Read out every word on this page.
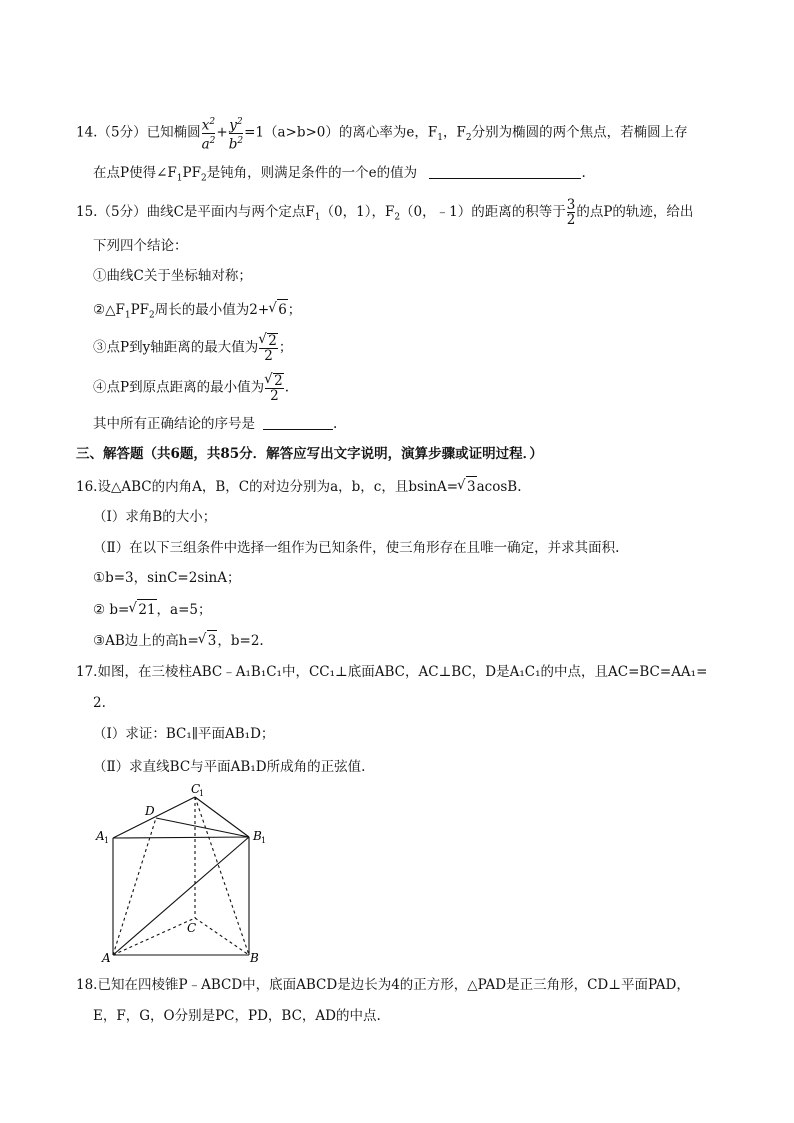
14.（5分）已知椭圆 $\frac{x^2}{a^2} + \frac{y^2}{b^2} =1(a>b>0)$的离心率为e，$F_1$，$F_2$分别为椭圆的两个焦点，若椭圆上存
在点P使得$\angle F_1PF_2$是钝角，则满足条件的一个e的值为	.
15.（5分）曲线C是平面内与两个定点$F_1(0$，1），$F_2(0$，﹣1）的距离的积等于 $\frac{3}{2}$ 的点P的轨迹，给出
下列四个结论：
①曲线C关于坐标轴对称；
$②\triangle F_1PF_2$周长的最小值为2+ √ 6；
③点P到y轴距离的最大值为 √ $\frac{2}{2}$ ；
④点P到原点距离的最小值为 √ $\frac{2}{2}$ .
其中所有正确结论的序号是	.
三、解答题（共6题，共85分．解答应写出文字说明，演算步骤或证明过程．）
16.设△ABC的内角A，B，C的对边分别为a，b，c，且bsinA= √ 3acosB.
（Ⅰ）求角B的大小；
（Ⅱ）在以下三组条件中选择一组作为已知条件，使三角形存在且唯一确定，并求其面积.
①b=3，sinC=2sinA；
② b= √ 21，a=5；
③AB边上的高h= √ 3，b=2.
17.如图，在三棱柱ABC﹣A₁B₁C₁中，CC₁⊥底面ABC，AC⊥BC，D是A₁C₁的中点，且AC=BC=AA₁=
2.
（Ⅰ）求证：BC₁∥平面AB₁D；
（Ⅱ）求直线BC与平面AB₁D所成角的正弦值.
C
1
D
A 1	B 1
C
A	B
18.已知在四棱锥P﹣ABCD中，底面ABCD是边长为4的正方形，△PAD是正三角形，CD⊥平面PAD，
E，F，G，O分别是PC，PD，BC，AD的中点.
